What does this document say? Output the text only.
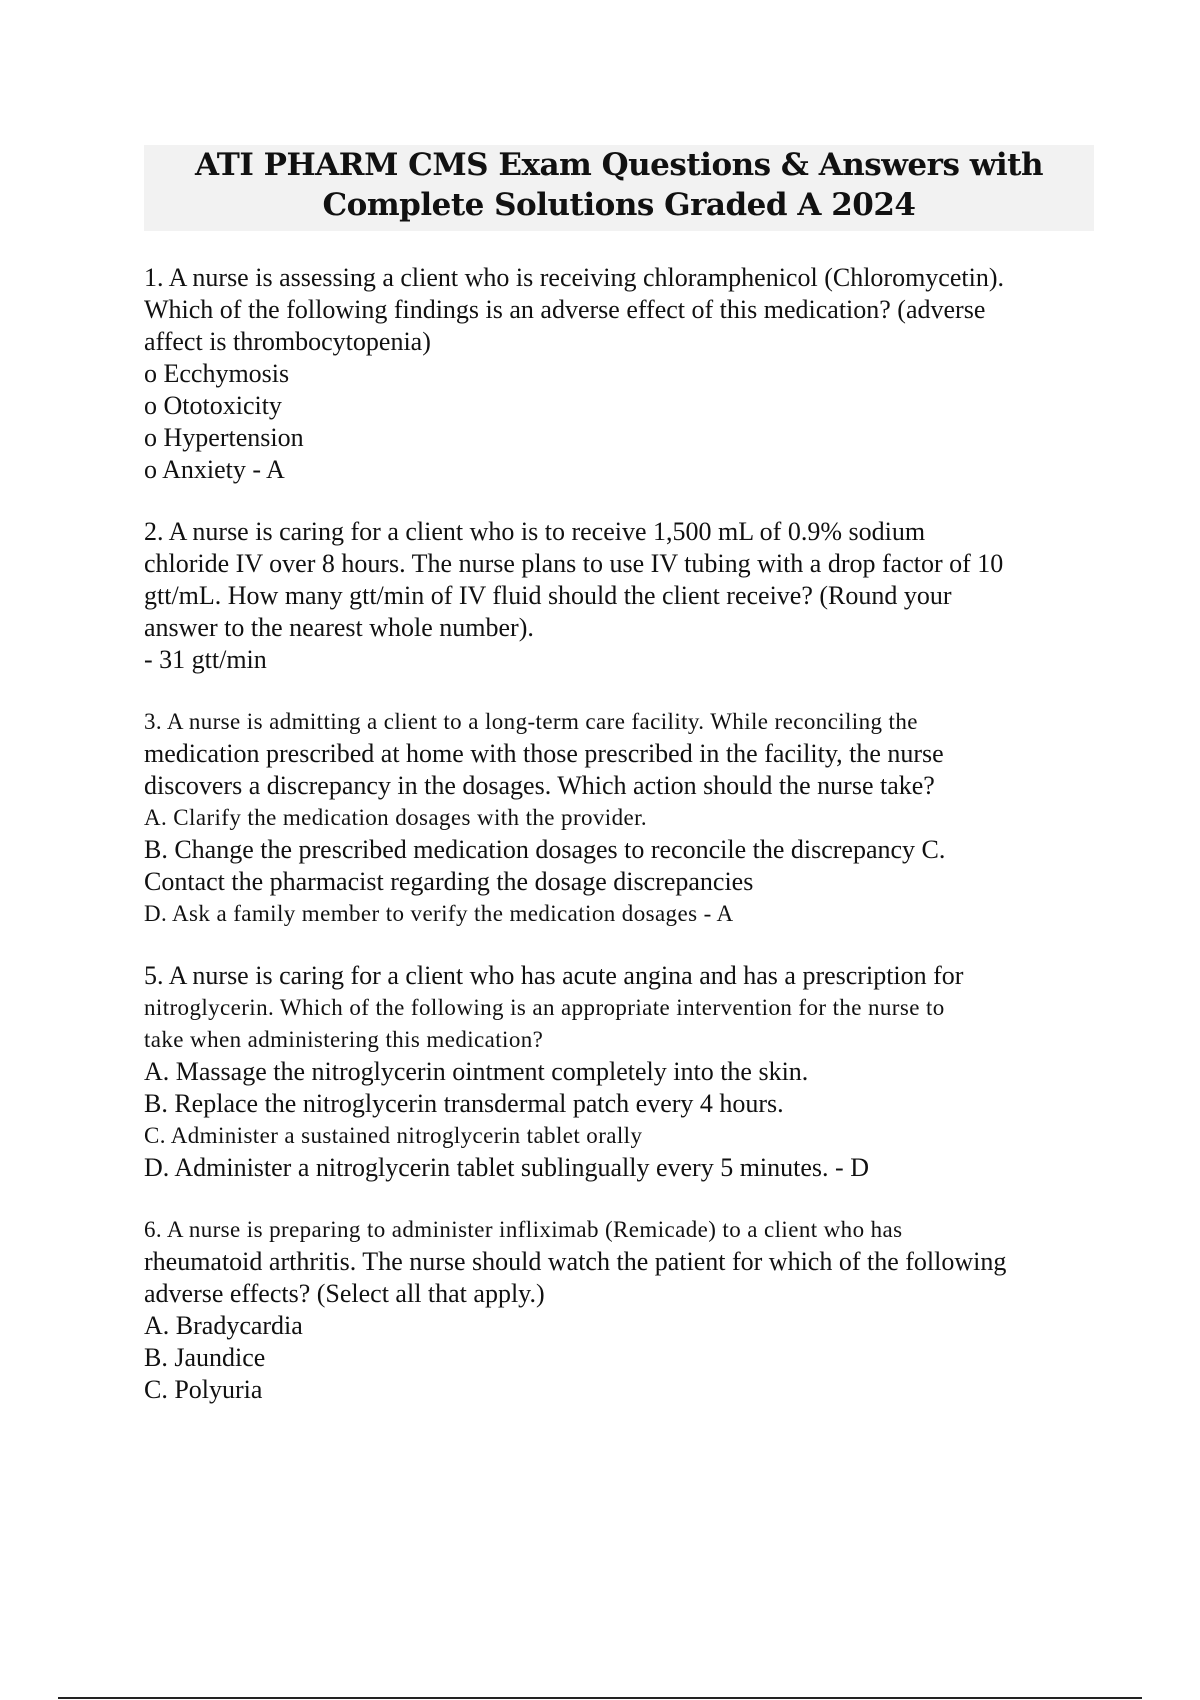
ATI PHARM CMS Exam Questions & Answers with
Complete Solutions Graded A 2024
1. A nurse is assessing a client who is receiving chloramphenicol (Chloromycetin).
Which of the following findings is an adverse effect of this medication? (adverse
affect is thrombocytopenia)
o Ecchymosis
o Ototoxicity
o Hypertension
o Anxiety - A
2. A nurse is caring for a client who is to receive 1,500 mL of 0.9% sodium
chloride IV over 8 hours. The nurse plans to use IV tubing with a drop factor of 10
gtt/mL. How many gtt/min of IV fluid should the client receive? (Round your
answer to the nearest whole number).
- 31 gtt/min
3. A nurse is admitting a client to a long-term care facility. While reconciling the
medication prescribed at home with those prescribed in the facility, the nurse
discovers a discrepancy in the dosages. Which action should the nurse take?
A. Clarify the medication dosages with the provider.
B. Change the prescribed medication dosages to reconcile the discrepancy C.
Contact the pharmacist regarding the dosage discrepancies
D. Ask a family member to verify the medication dosages - A
5. A nurse is caring for a client who has acute angina and has a prescription for
nitroglycerin. Which of the following is an appropriate intervention for the nurse to
take when administering this medication?
A. Massage the nitroglycerin ointment completely into the skin.
B. Replace the nitroglycerin transdermal patch every 4 hours.
C. Administer a sustained nitroglycerin tablet orally
D. Administer a nitroglycerin tablet sublingually every 5 minutes. - D
6. A nurse is preparing to administer infliximab (Remicade) to a client who has
rheumatoid arthritis. The nurse should watch the patient for which of the following
adverse effects? (Select all that apply.)
A. Bradycardia
B. Jaundice
C. Polyuria
